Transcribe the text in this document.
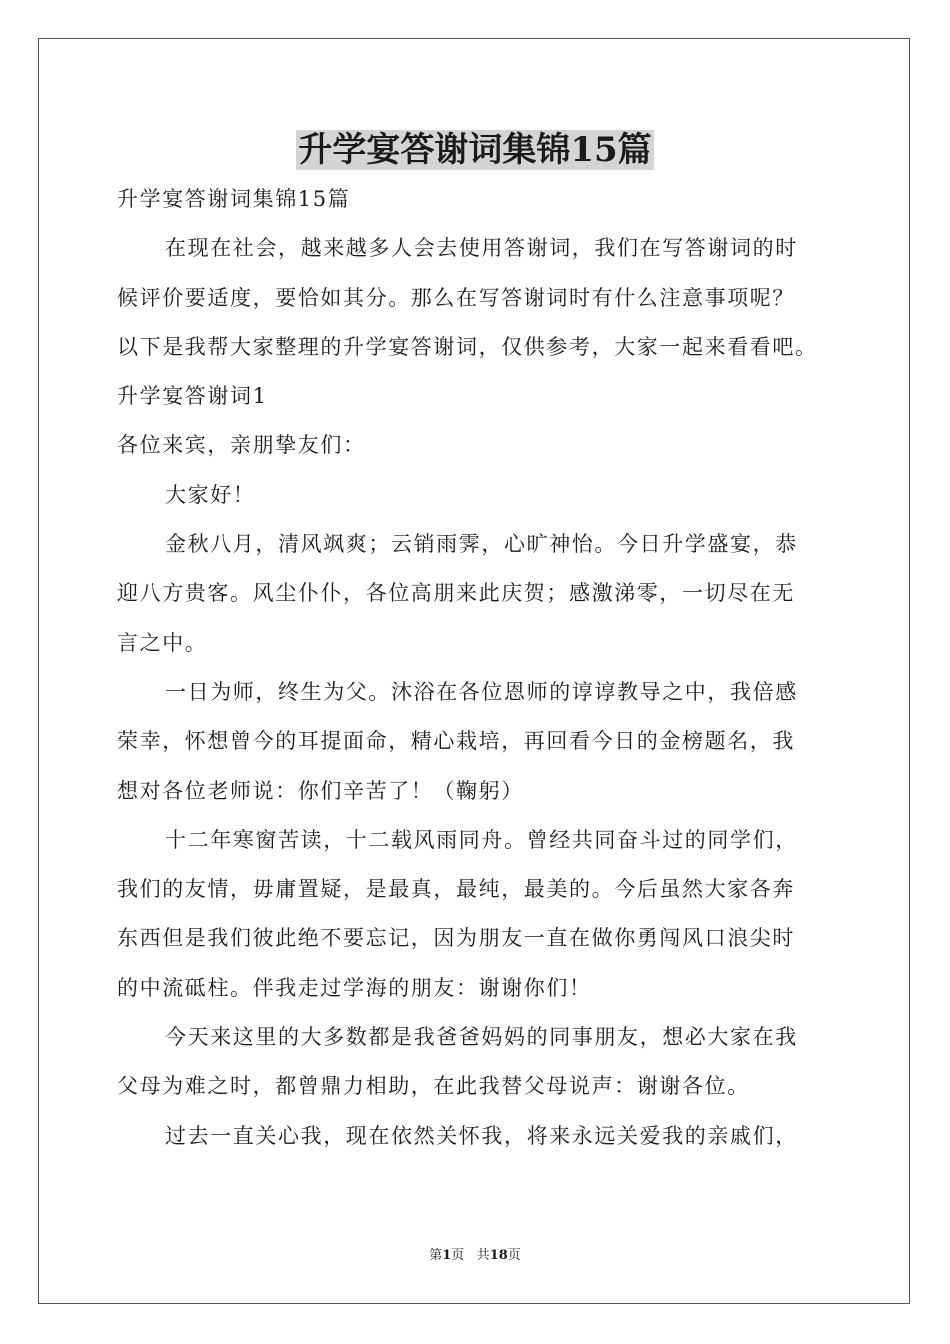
升学宴答谢词集锦15篇

升学宴答谢词集锦15篇

在现在社会，越来越多人会去使用答谢词，我们在写答谢词的时

候评价要适度，要恰如其分。那么在写答谢词时有什么注意事项呢？

以下是我帮大家整理的升学宴答谢词，仅供参考，大家一起来看看吧。

升学宴答谢词1

各位来宾，亲朋挚友们：

大家好！

金秋八月，清风飒爽；云销雨霁，心旷神怡。今日升学盛宴，恭

迎八方贵客。风尘仆仆，各位高朋来此庆贺；感激涕零，一切尽在无

言之中。

一日为师，终生为父。沐浴在各位恩师的谆谆教导之中，我倍感

荣幸，怀想曾今的耳提面命，精心栽培，再回看今日的金榜题名，我

想对各位老师说：你们辛苦了！（鞠躬）

十二年寒窗苦读，十二载风雨同舟。曾经共同奋斗过的同学们，

我们的友情，毋庸置疑，是最真，最纯，最美的。今后虽然大家各奔

东西但是我们彼此绝不要忘记，因为朋友一直在做你勇闯风口浪尖时

的中流砥柱。伴我走过学海的朋友：谢谢你们！

今天来这里的大多数都是我爸爸妈妈的同事朋友，想必大家在我

父母为难之时，都曾鼎力相助，在此我替父母说声：谢谢各位。

过去一直关心我，现在依然关怀我，将来永远关爱我的亲戚们，

第1页 共18页
